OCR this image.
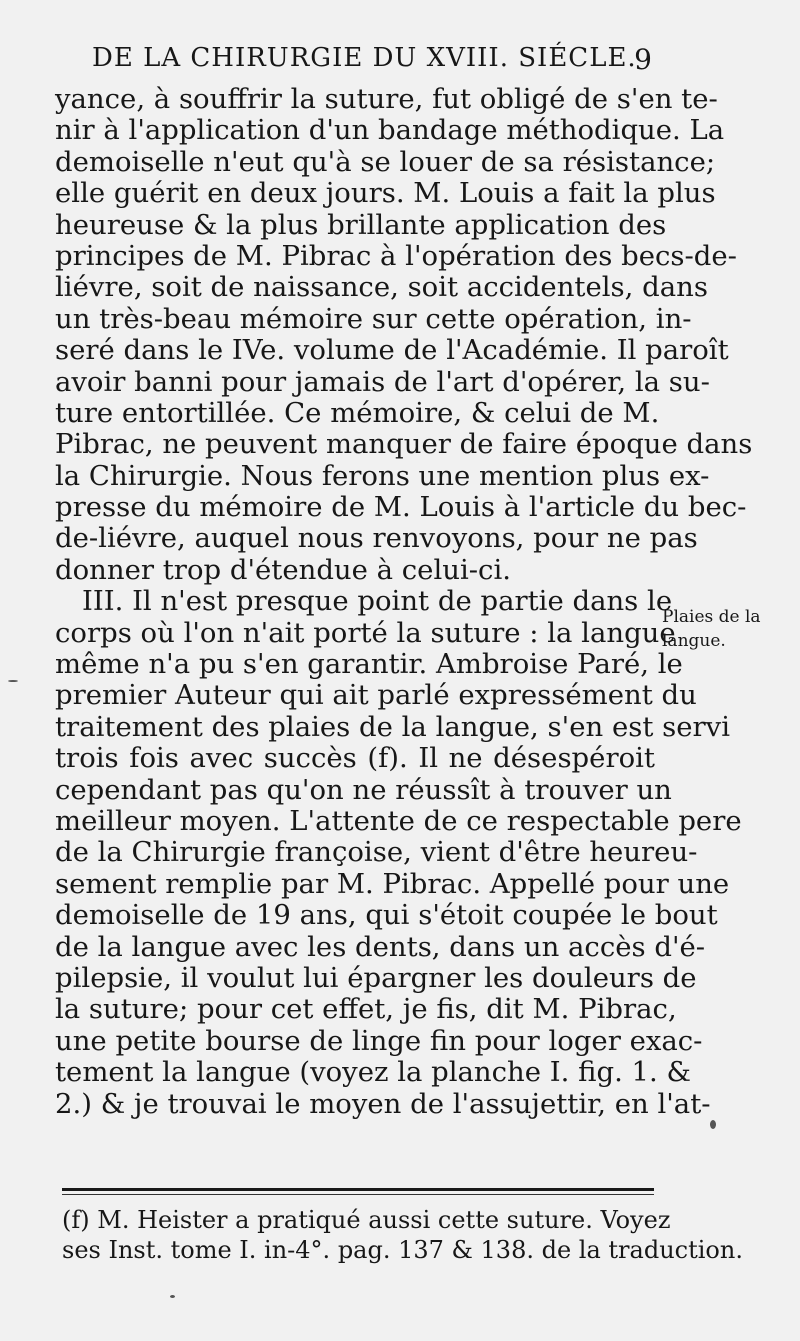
DE LA CHIRURGIE DU XVIII. SIÉCLE.
9
yance, à souffrir la suture, fut obligé de s'en te-
nir à l'application d'un bandage méthodique. La
demoiselle n'eut qu'à se louer de sa résistance;
elle guérit en deux jours. M. Louis a fait la plus
heureuse & la plus brillante application des
principes de M. Pibrac à l'opération des becs-de-
liévre, soit de naissance, soit accidentels, dans
un très-beau mémoire sur cette opération, in-
seré dans le IVe. volume de l'Académie. Il paroît
avoir banni pour jamais de l'art d'opérer, la su-
ture entortillée. Ce mémoire, & celui de M.
Pibrac, ne peuvent manquer de faire époque dans
la Chirurgie. Nous ferons une mention plus ex-
presse du mémoire de M. Louis à l'article du bec-
de-liévre, auquel nous renvoyons, pour ne pas
donner trop d'étendue à celui-ci.
III. Il n'est presque point de partie dans le
corps où l'on n'ait porté la suture : la langue
même n'a pu s'en garantir. Ambroise Paré, le
premier Auteur qui ait parlé expressément du
traitement des plaies de la langue, s'en est servi
trois fois avec succès (f). Il ne désespéroit
cependant pas qu'on ne réussît à trouver un
meilleur moyen. L'attente de ce respectable pere
de la Chirurgie françoise, vient d'être heureu-
sement remplie par M. Pibrac. Appellé pour une
demoiselle de 19 ans, qui s'étoit coupée le bout
de la langue avec les dents, dans un accès d'é-
pilepsie, il voulut lui épargner les douleurs de
la suture; pour cet effet, je fis, dit M. Pibrac,
une petite bourse de linge fin pour loger exac-
tement la langue (voyez la planche I. fig. 1. &
2.) & je trouvai le moyen de l'assujettir, en l'at-
Plaies de la
langue.
(f) M. Heister a pratiqué aussi cette suture. Voyez
ses Inst. tome I. in-4°. pag. 137 & 138. de la traduction.
